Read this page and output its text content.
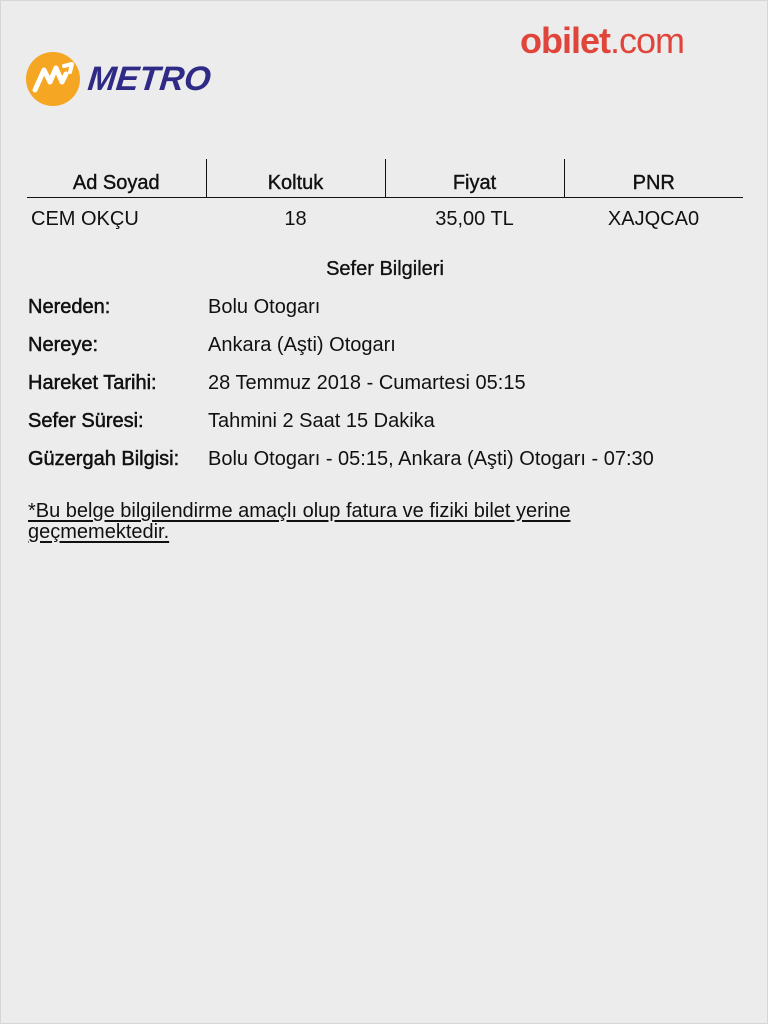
METRO
obilet.com
Ad Soyad	Koltuk	Fiyat	PNR
CEM OKÇU	18	35,00 TL	XAJQCA0
Sefer Bilgileri
Nereden:	Bolu Otogarı
Nereye:	Ankara (Aşti) Otogarı
Hareket Tarihi:	28 Temmuz 2018 - Cumartesi 05:15
Sefer Süresi:	Tahmini 2 Saat 15 Dakika
Güzergah Bilgisi: Bolu Otogarı - 05:15, Ankara (Aşti) Otogarı - 07:30
*Bu belge bilgilendirme amaçlı olup fatura ve fiziki bilet yerine geçmemektedir.
